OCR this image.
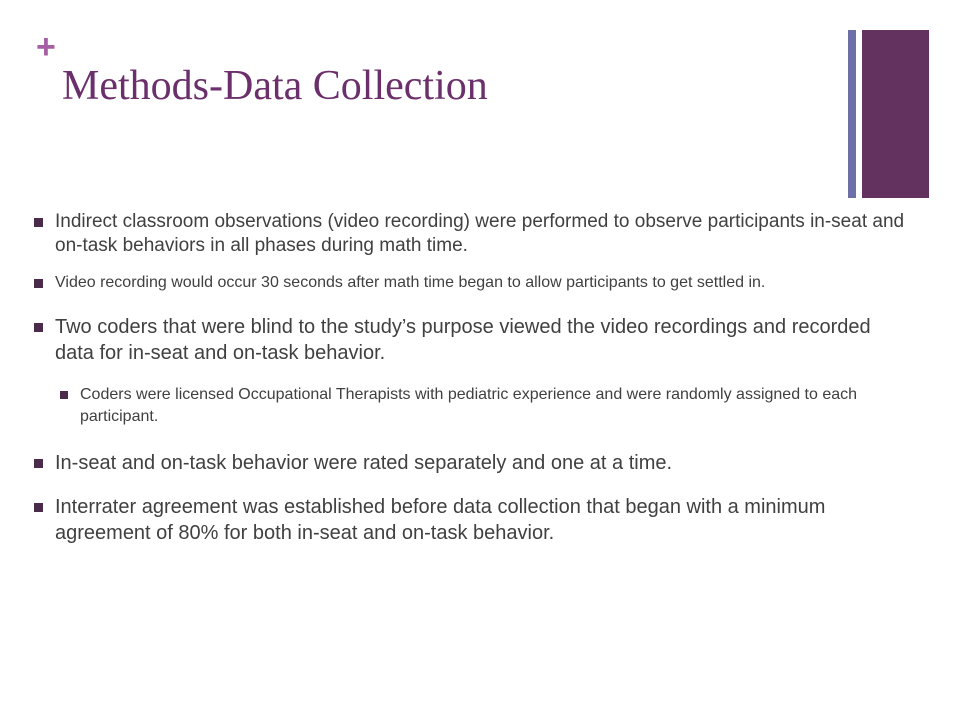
+
Methods-Data Collection
Indirect classroom observations (video recording) were performed to observe participants in-seat and on-task behaviors in all phases during math time.
Video recording would occur 30 seconds after math time began to allow participants to get settled in.
Two coders that were blind to the study’s purpose viewed the video recordings and recorded data for in-seat and on-task behavior.
Coders were licensed Occupational Therapists with pediatric experience and were randomly assigned to each participant.
In-seat and on-task behavior were rated separately and one at a time.
Interrater agreement was established before data collection that began with a minimum agreement of 80% for both in-seat and on-task behavior.
